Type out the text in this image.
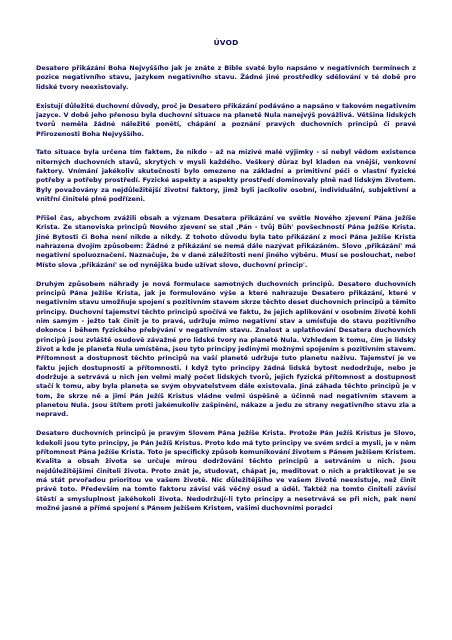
ÚVOD

Desatero přikázání Boha Nejvyššího jak je znáte z Bible svaté bylo napsáno v negativních termínech z pozice negativního stavu, jazykem negativního stavu. Žádné jiné prostředky sdělování v té době pro lidské tvory neexistovaly.

Existují důležité duchovní důvody, proč je Desatero přikázání podáváno a napsáno v takovém negativním jazyce. V době jeho přenosu byla duchovní situace na planetě Nula nanejvýš povážlivá. Většina lidských tvorů neměla žádné náležité ponětí, chápání a poznání pravých duchovních principů či pravé Přirozenosti Boha Nejvyššího.

Tato situace byla určena tím faktem, že nikdo - až na mizivé malé výjimky - si nebyl vědom existence niterných duchovních stavů, skrytých v mysli každého. Veškerý důraz byl kladen na vnější, venkovní faktory. Vnímání jakékoliv skutečnosti bylo omezeno na základní a primitivní péči o vlastní fyzické potřeby a potřeby prostředí. Fyzické aspekty a aspekty prostředí dominovaly plně nad lidským životem. Byly považovány za nejdůležitější životní faktory, jimž byli jacíkoliv osobní, individuální, subjektivní a vnitřní činitelé plně podřízeni.

Přišel čas, abychom zvážili obsah a význam Desatera přikázání ve světle Nového zjevení Pána Ježíše Krista. Ze stanoviska principů Nového zjevení se stal ‚Pán - tvůj Bůh' povšechností Pána Ježíše Krista. Jiné Bytosti či Boha není nikde a nikdy. Z tohoto důvodu byla tato přikázání z moci Pána Ježíše Krista nahrazena dvojím způsobem: Žádné z přikázání se nemá dále nazývat přikázáním. Slovo ‚přikázání' má negativní spoluoznačení. Naznačuje, že v dané záležitosti není jiného výběru. Musí se poslouchat, nebo! Místo slova ‚přikázání' se od nynějška bude užívat slovo, duchovní princip'.

Druhým způsobem náhrady je nová formulace samotných duchovních principů. Desatero duchovních principů Pána Ježíše Krista, jak je formulováno výše a které nahrazuje Desatero přikázání, které v negativním stavu umožňuje spojení s pozitivním stavem skrze těchto deset duchovních principů a těmito principy. Duchovní tajemství těchto principů spočívá ve faktu, že jejich aplikování v osobním životě kohli nim samým - ježto tak činit je to pravé, udržuje mimo negativní stav a umísťuje do stavu pozitivního dokonce i během fyzického přebývání v negativním stavu. Znalost a uplatňování Desatera duchovních principů jsou zvláště osudově závažné pro lidské tvory na planetě Nula. Vzhledem k tomu, čím je lidský život a kde je planeta Nula umístěna, jsou tyto principy jedinými možnými spojením s pozitivním stavem. Přítomnost a dostupnost těchto principů na vaší planetě udržuje tuto planetu naživu. Tajemství je ve faktu jejich dostupnosti a přítomnosti. I když tyto principy žádná lidská bytost nedodržuje, nebo je dodržuje a setrvává u nich jen velmi malý počet lidských tvorů, jejich fyzická přítomnost a dostupnost stačí k tomu, aby byla planeta se svým obyvatelstvem dále existovala. Jiná záhada těchto principů je v tom, že skrze ně a jimi Pán Ježíš Kristus vládne velmi úspěšně a účinně nad negativním stavem a planetou Nula. Jsou štítem proti jakémukoliv zašpinění, nákaze a jedu ze strany negativního stavu zla a nepravd.

Desatero duchovních principů je pravým Slovem Pána Ježíše Krista. Protože Pán Ježíš Kristus je Slovo, kdekoli jsou tyto principy, je Pán Ježíš Kristus. Proto kdo má tyto principy ve svém srdci a mysli, je v něm přítomnost Pána Ježíše Krista. Toto je specifický způsob komunikování životem s Pánem Ježíšem Kristem. Kvalita a obsah života se určuje mírou dodržování těchto principů a setrváním u nich. Jsou nejdůležitějšími činiteli života. Proto znát je, studovat, chápat je, meditovat o nich a praktikovat je se má stát prvořadou prioritou ve vašem životě. Nic důležitějšího ve vašem životě neexistuje, než činit právě toto. Především na tomto faktoru závisí váš věčný osud a úděl. Taktéž na tomto činiteli závisí štěstí a smysluplnost jakéhokoli života. Nedodržují-li tyto principy a nesetrvává se při nich, pak není možné jasné a přímé spojení s Pánem Ježíšem Kristem, vašimi duchovními poradci
